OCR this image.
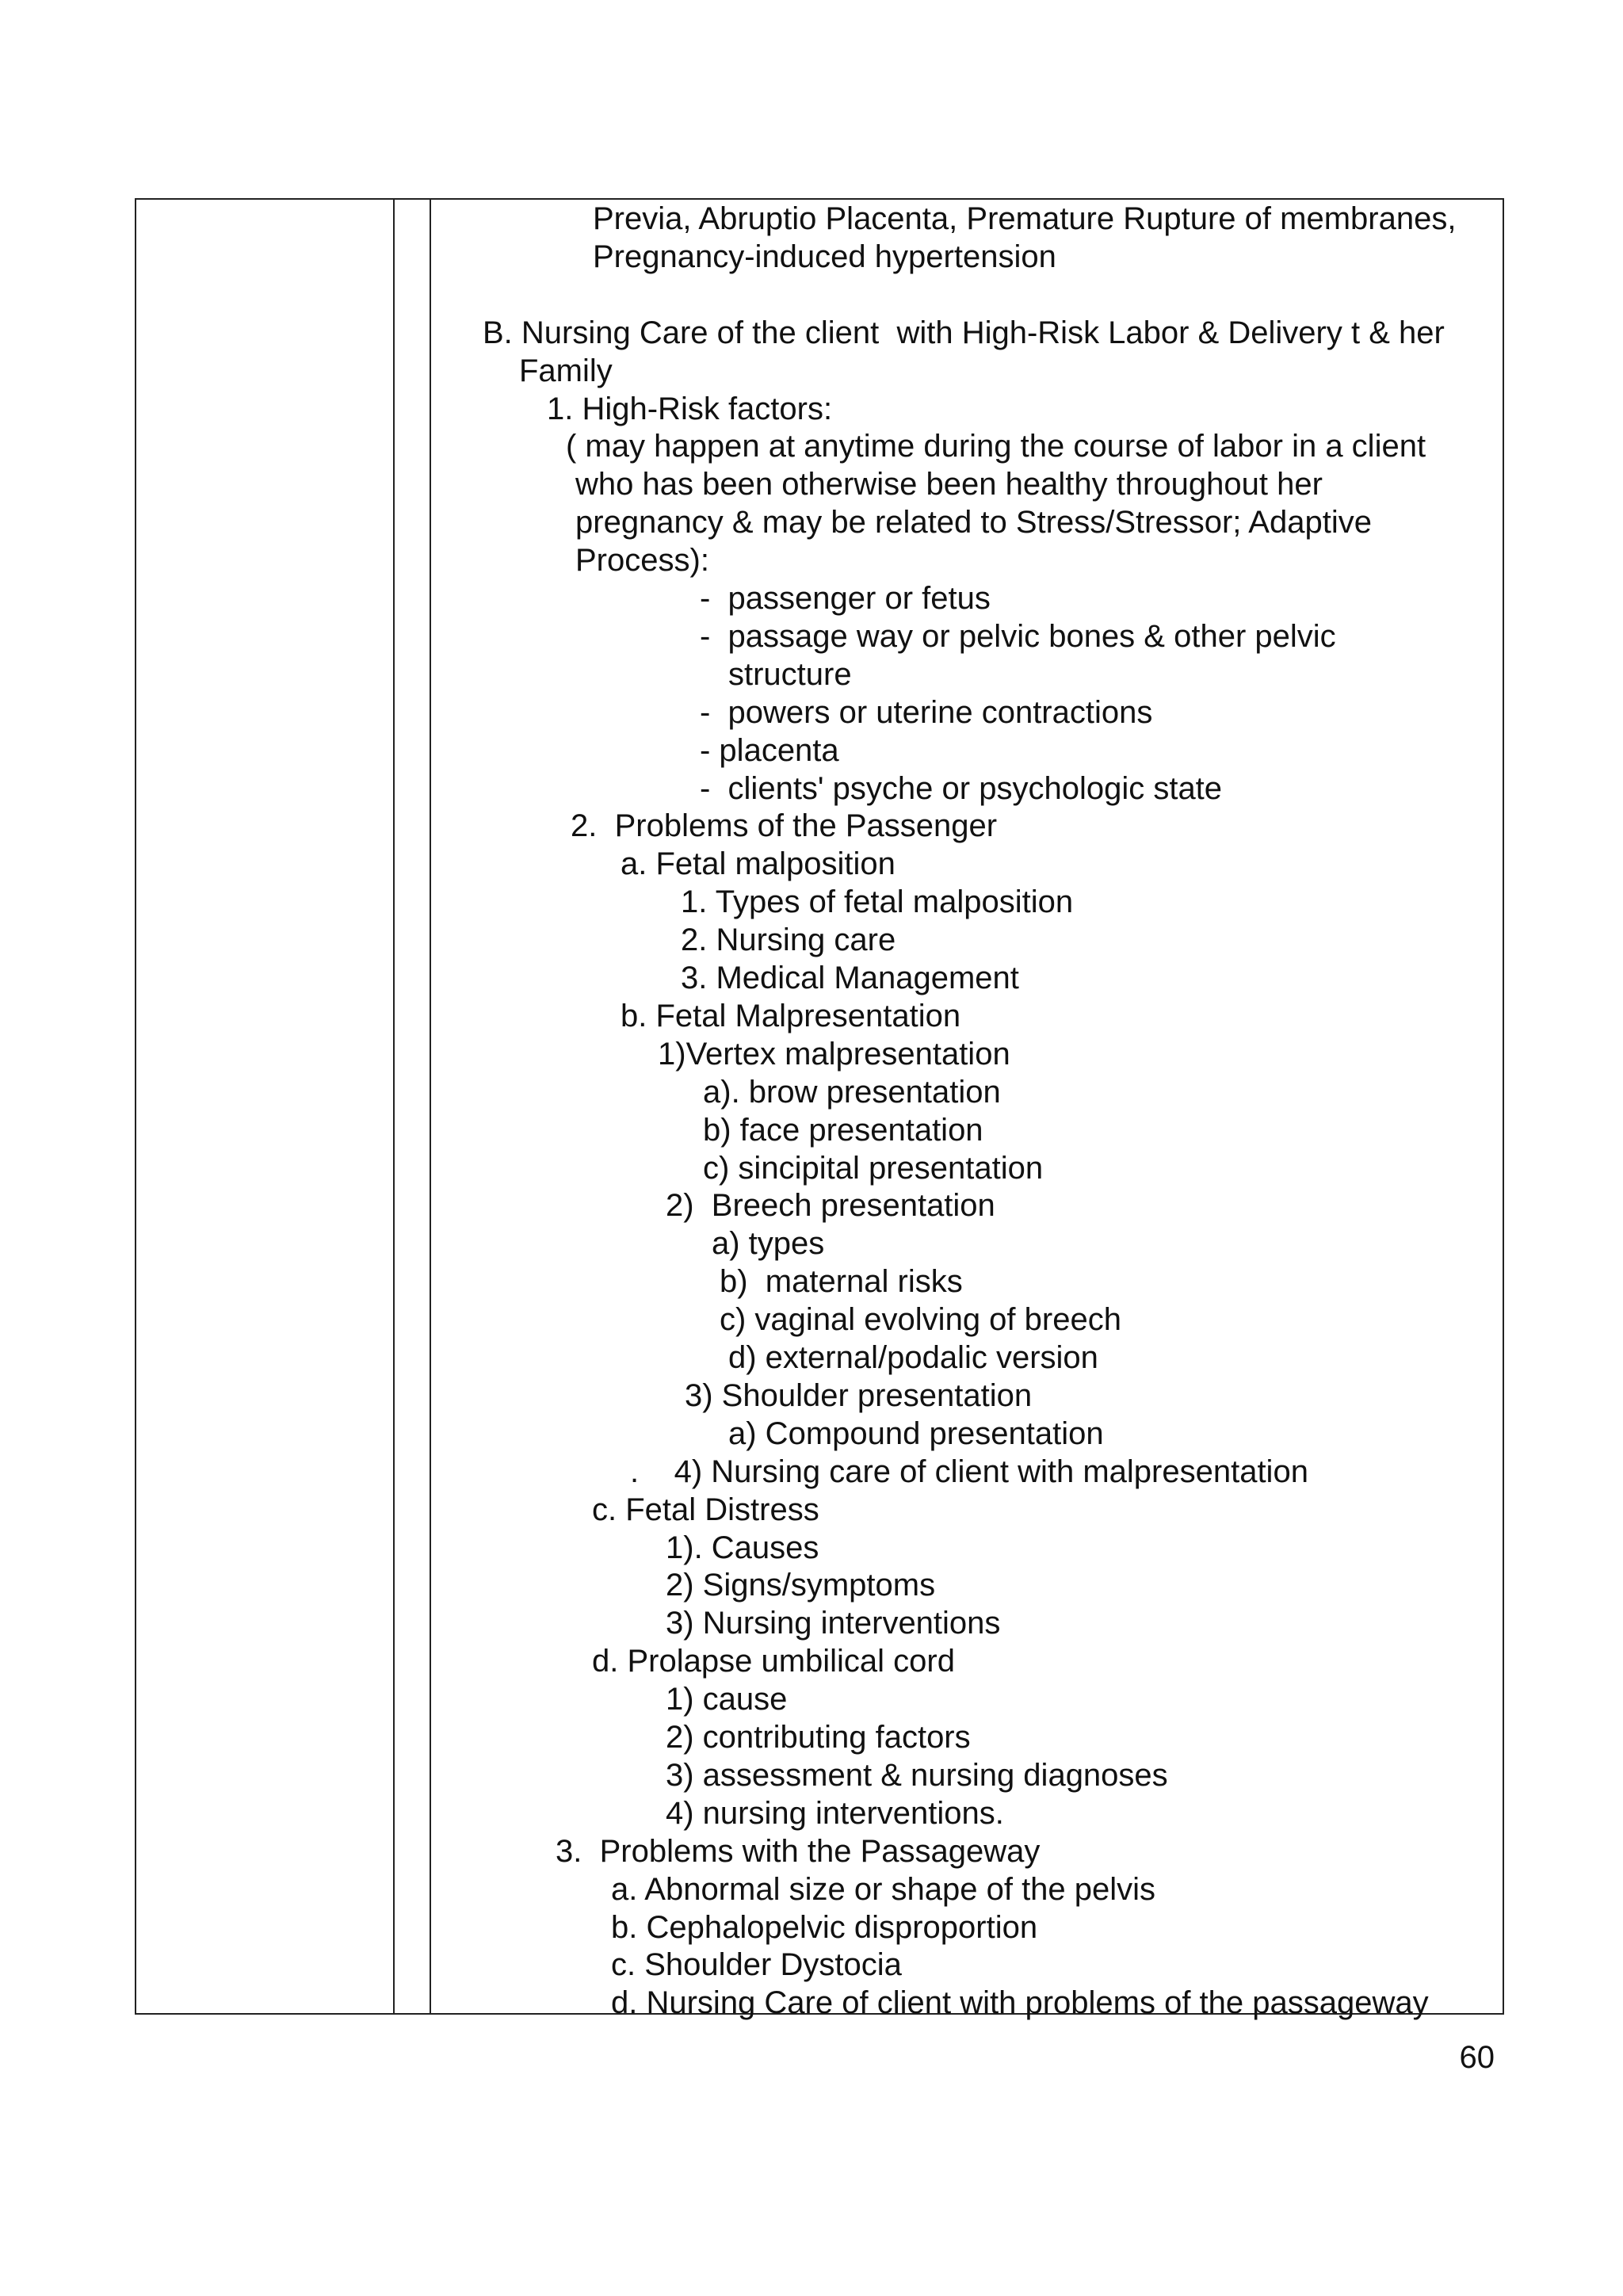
Previa, Abruptio Placenta, Premature Rupture of membranes,
Pregnancy-induced hypertension
B. Nursing Care of the client  with High-Risk Labor & Delivery t & her
Family
1. High-Risk factors:
( may happen at anytime during the course of labor in a client
who has been otherwise been healthy throughout her
pregnancy & may be related to Stress/Stressor; Adaptive
Process):
-  passenger or fetus
-  passage way or pelvic bones & other pelvic
structure
-  powers or uterine contractions
- placenta
-  clients' psyche or psychologic state
2.  Problems of the Passenger
a. Fetal malposition
1. Types of fetal malposition
2. Nursing care
3. Medical Management
b. Fetal Malpresentation
1)Vertex malpresentation
a). brow presentation
b) face presentation
c) sincipital presentation
2)  Breech presentation
a) types
b)  maternal risks
c) vaginal evolving of breech
d) external/podalic version
3) Shoulder presentation
a) Compound presentation
.    4) Nursing care of client with malpresentation
c. Fetal Distress
1). Causes
2) Signs/symptoms
3) Nursing interventions
d. Prolapse umbilical cord
1) cause
2) contributing factors
3) assessment & nursing diagnoses
4) nursing interventions.
3.  Problems with the Passageway
a. Abnormal size or shape of the pelvis
b. Cephalopelvic disproportion
c. Shoulder Dystocia
d. Nursing Care of client with problems of the passageway
60
